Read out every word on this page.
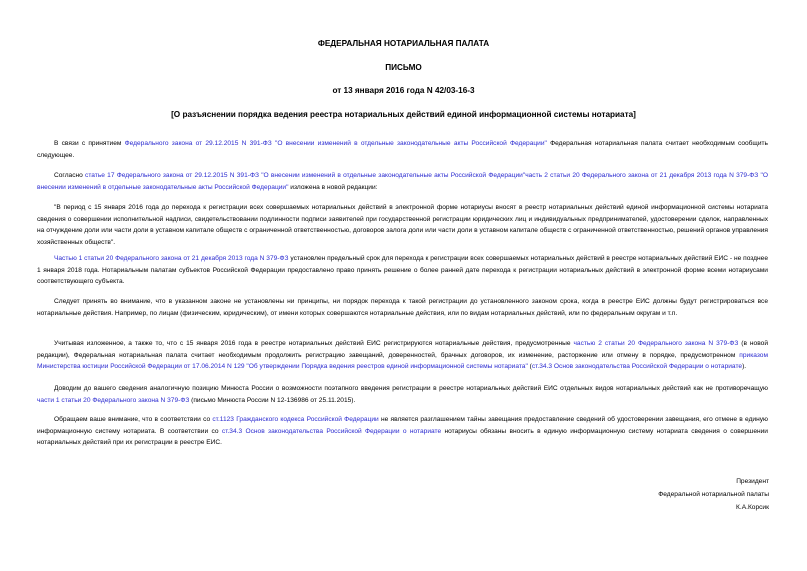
ФЕДЕРАЛЬНАЯ НОТАРИАЛЬНАЯ ПАЛАТА
ПИСЬМО
от 13 января 2016 года N 42/03-16-3
[О разъяснении порядка ведения реестра нотариальных действий единой информационной системы нотариата]

В связи с принятием Федерального закона от 29.12.2015 N 391-ФЗ "О внесении изменений в отдельные законодательные акты Российской Федерации" Федеральная нотариальная палата считает необходимым сообщить следующее.

Согласно статье 17 Федерального закона от 29.12.2015 N 391-ФЗ "О внесении изменений в отдельные законодательные акты Российской Федерации"часть 2 статьи 20 Федерального закона от 21 декабря 2013 года N 379-ФЗ "О внесении изменений в отдельные законодательные акты Российской Федерации" изложена в новой редакции:

"В период с 15 января 2016 года до перехода к регистрации всех совершаемых нотариальных действий в электронной форме нотариусы вносят в реестр нотариальных действий единой информационной системы нотариата сведения о совершении исполнительной надписи, свидетельствовании подлинности подписи заявителей при государственной регистрации юридических лиц и индивидуальных предпринимателей, удостоверении сделок, направленных на отчуждение доли или части доли в уставном капитале обществ с ограниченной ответственностью, договоров залога доли или части доли в уставном капитале обществ с ограниченной ответственностью, решений органов управления хозяйственных обществ".

Частью 1 статьи 20 Федерального закона от 21 декабря 2013 года N 379-ФЗ установлен предельный срок для перехода к регистрации всех совершаемых нотариальных действий в реестре нотариальных действий ЕИС - не позднее 1 января 2018 года. Нотариальным палатам субъектов Российской Федерации предоставлено право принять решение о более ранней дате перехода к регистрации нотариальных действий в электронной форме всеми нотариусами соответствующего субъекта.

Следует принять во внимание, что в указанном законе не установлены ни принципы, ни порядок перехода к такой регистрации до установленного законом срока, когда в реестре ЕИС должны будут регистрироваться все нотариальные действия. Например, по лицам (физическим, юридическим), от имени которых совершаются нотариальные действия, или по видам нотариальных действий, или по федеральным округам и т.п.

Учитывая изложенное, а также то, что с 15 января 2016 года в реестре нотариальных действий ЕИС регистрируются нотариальные действия, предусмотренные частью 2 статьи 20 Федерального закона N 379-ФЗ (в новой редакции), Федеральная нотариальная палата считает необходимым продолжить регистрацию завещаний, доверенностей, брачных договоров, их изменение, расторжение или отмену в порядке, предусмотренном приказом Министерства юстиции Российской Федерации от 17.06.2014 N 129 "Об утверждении Порядка ведения реестров единой информационной системы нотариата" (ст.34.3 Основ законодательства Российской Федерации о нотариате).

Доводим до вашего сведения аналогичную позицию Минюста России о возможности поэтапного введения регистрации в реестре нотариальных действий ЕИС отдельных видов нотариальных действий как не противоречащую части 1 статьи 20 Федерального закона N 379-ФЗ (письмо Минюста России N 12-136986 от 25.11.2015).

Обращаем ваше внимание, что в соответствии со ст.1123 Гражданского кодекса Российской Федерации не является разглашением тайны завещания предоставление сведений об удостоверении завещания, его отмене в единую информационную систему нотариата. В соответствии со ст.34.3 Основ законодательства Российской Федерации о нотариате нотариусы обязаны вносить в единую информационную систему нотариата сведения о совершении нотариальных действий при их регистрации в реестре ЕИС.

Президент
Федеральной нотариальной палаты
К.А.Корсик
